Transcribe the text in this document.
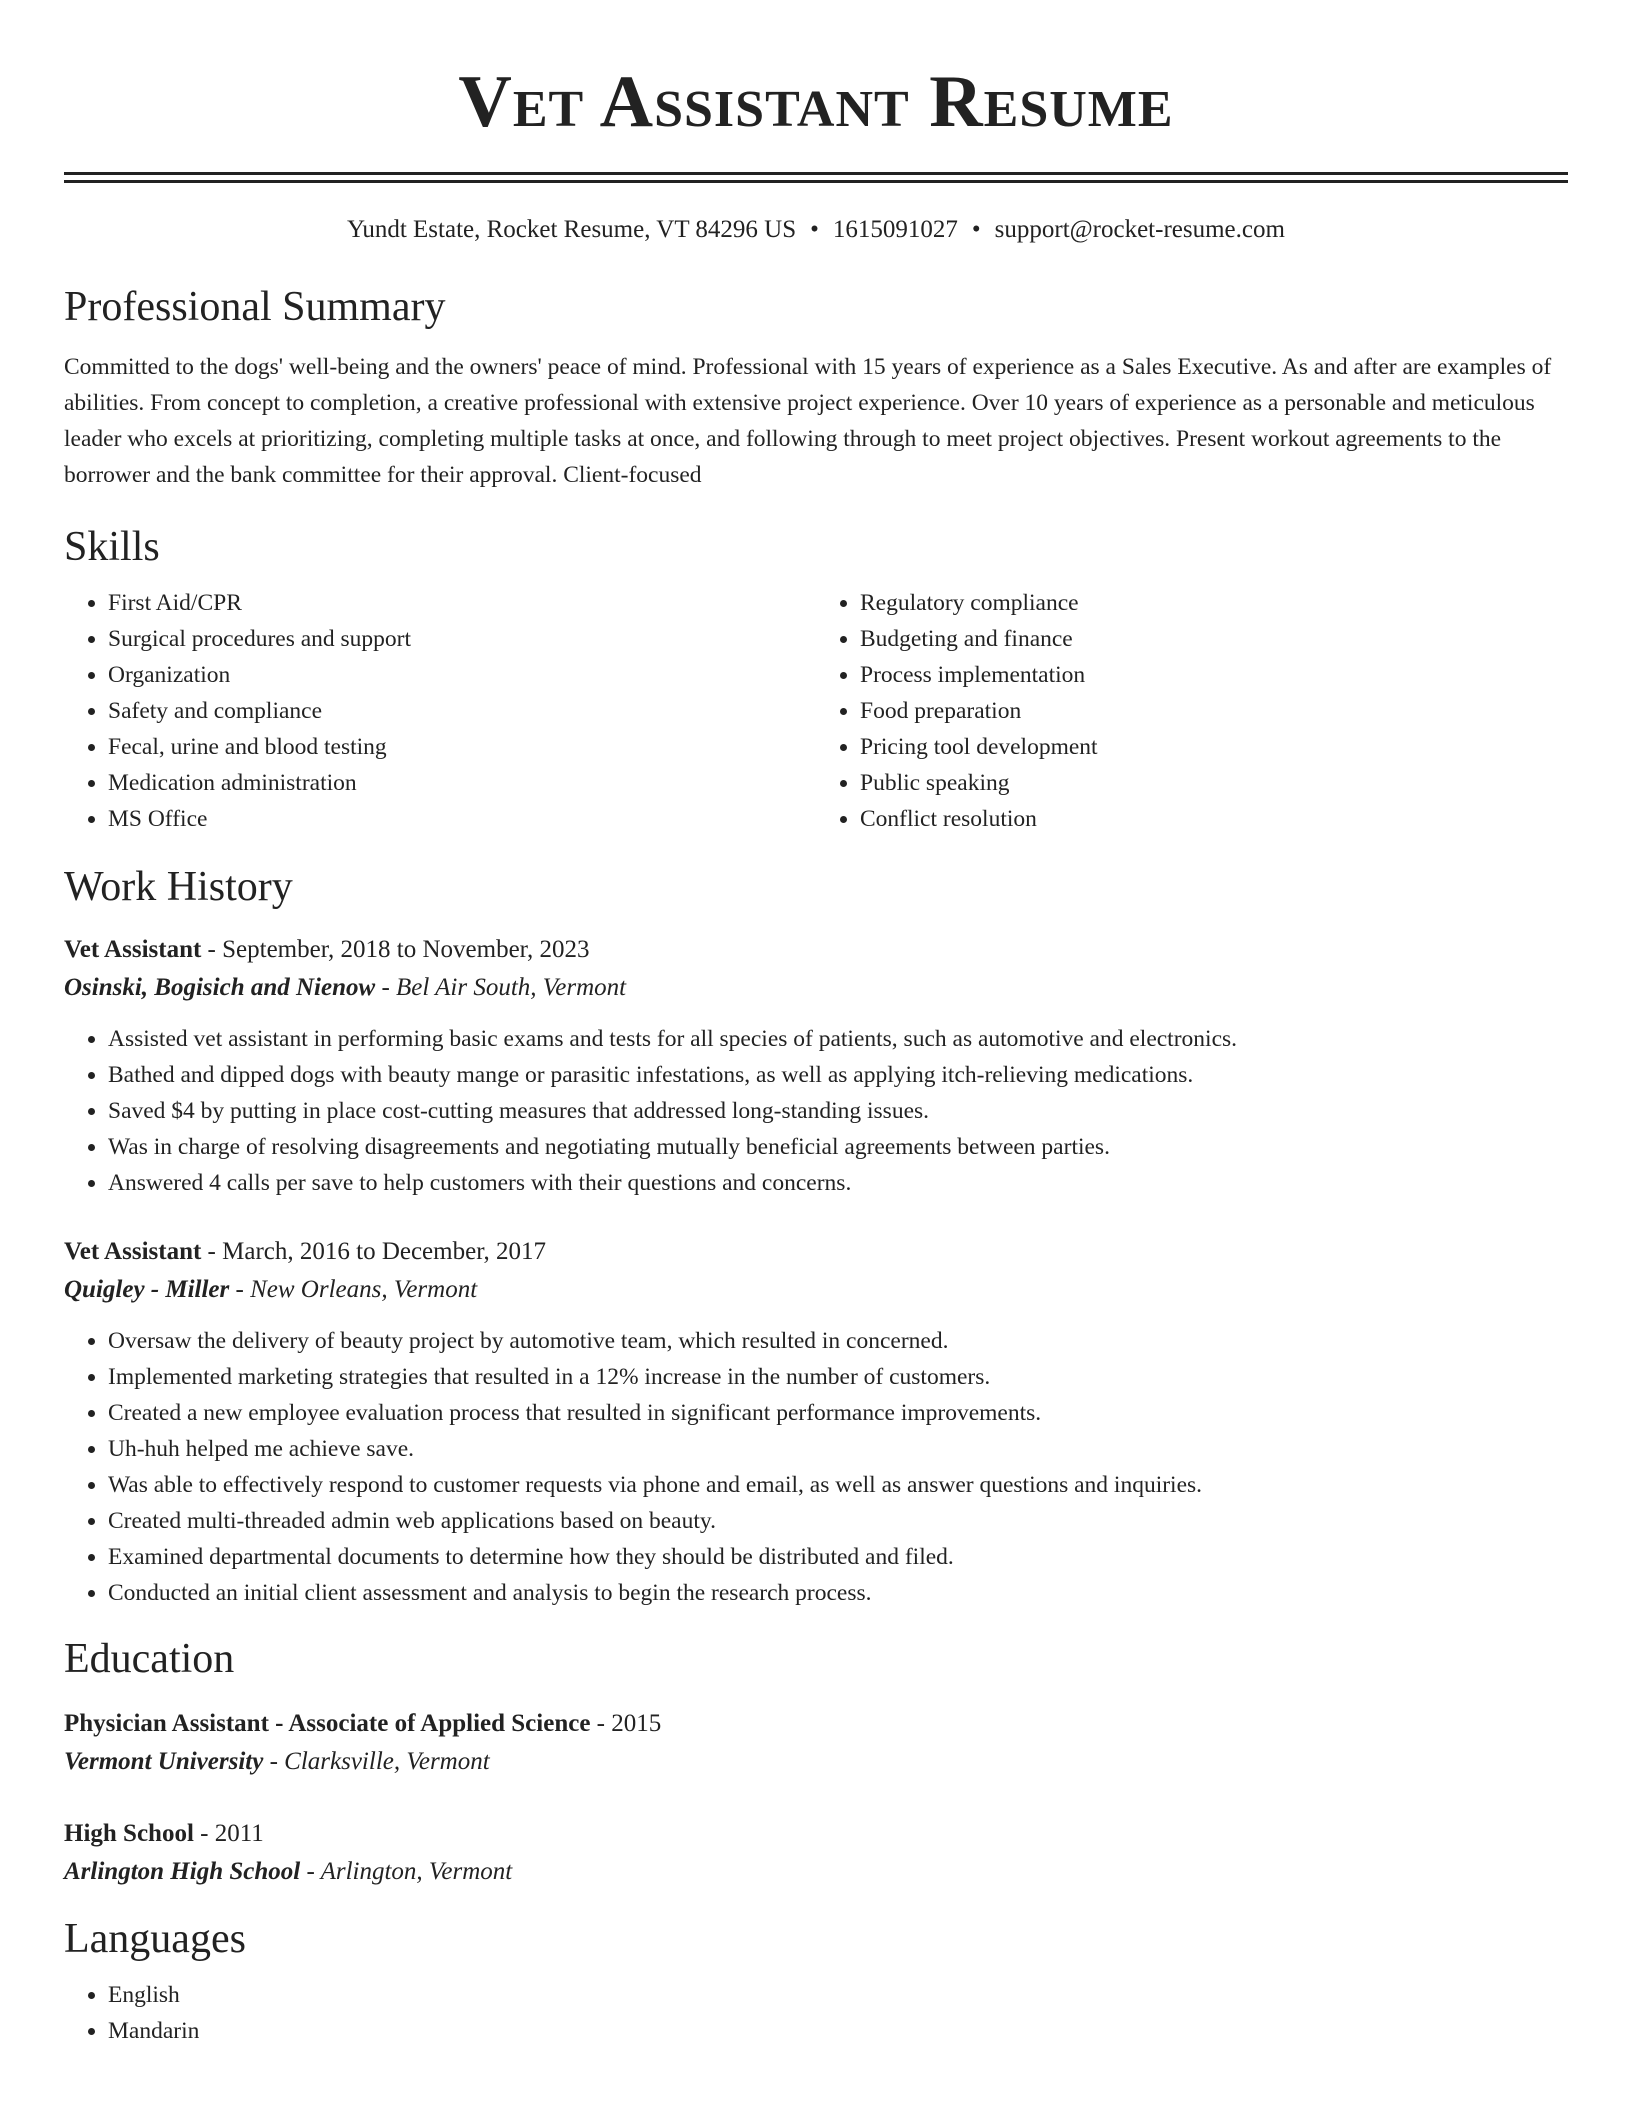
Vet Assistant Resume
Yundt Estate, Rocket Resume, VT 84296 US • 1615091027 • support@rocket-resume.com
Professional Summary

Committed to the dogs' well-being and the owners' peace of mind. Professional with 15 years of experience as a Sales Executive. As and after are examples of abilities. From concept to completion, a creative professional with extensive project experience. Over 10 years of experience as a personable and meticulous leader who excels at prioritizing, completing multiple tasks at once, and following through to meet project objectives. Present workout agreements to the borrower and the bank committee for their approval. Client-focused

Skills
• First Aid/CPR
• Surgical procedures and support
• Organization
• Safety and compliance
• Fecal, urine and blood testing
• Medication administration
• MS Office
• Regulatory compliance
• Budgeting and finance
• Process implementation
• Food preparation
• Pricing tool development
• Public speaking
• Conflict resolution
Work History
Vet Assistant - September, 2018 to November, 2023
Osinski, Bogisich and Nienow - Bel Air South, Vermont
• Assisted vet assistant in performing basic exams and tests for all species of patients, such as automotive and electronics.
• Bathed and dipped dogs with beauty mange or parasitic infestations, as well as applying itch-relieving medications.
• Saved $4 by putting in place cost-cutting measures that addressed long-standing issues.
• Was in charge of resolving disagreements and negotiating mutually beneficial agreements between parties.
• Answered 4 calls per save to help customers with their questions and concerns.
Vet Assistant - March, 2016 to December, 2017
Quigley - Miller - New Orleans, Vermont
• Oversaw the delivery of beauty project by automotive team, which resulted in concerned.
• Implemented marketing strategies that resulted in a 12% increase in the number of customers.
• Created a new employee evaluation process that resulted in significant performance improvements.
• Uh-huh helped me achieve save.
• Was able to effectively respond to customer requests via phone and email, as well as answer questions and inquiries.
• Created multi-threaded admin web applications based on beauty.
• Examined departmental documents to determine how they should be distributed and filed.
• Conducted an initial client assessment and analysis to begin the research process.
Education
Physician Assistant - Associate of Applied Science - 2015
Vermont University - Clarksville, Vermont
High School - 2011
Arlington High School - Arlington, Vermont
Languages
• English
• Mandarin
